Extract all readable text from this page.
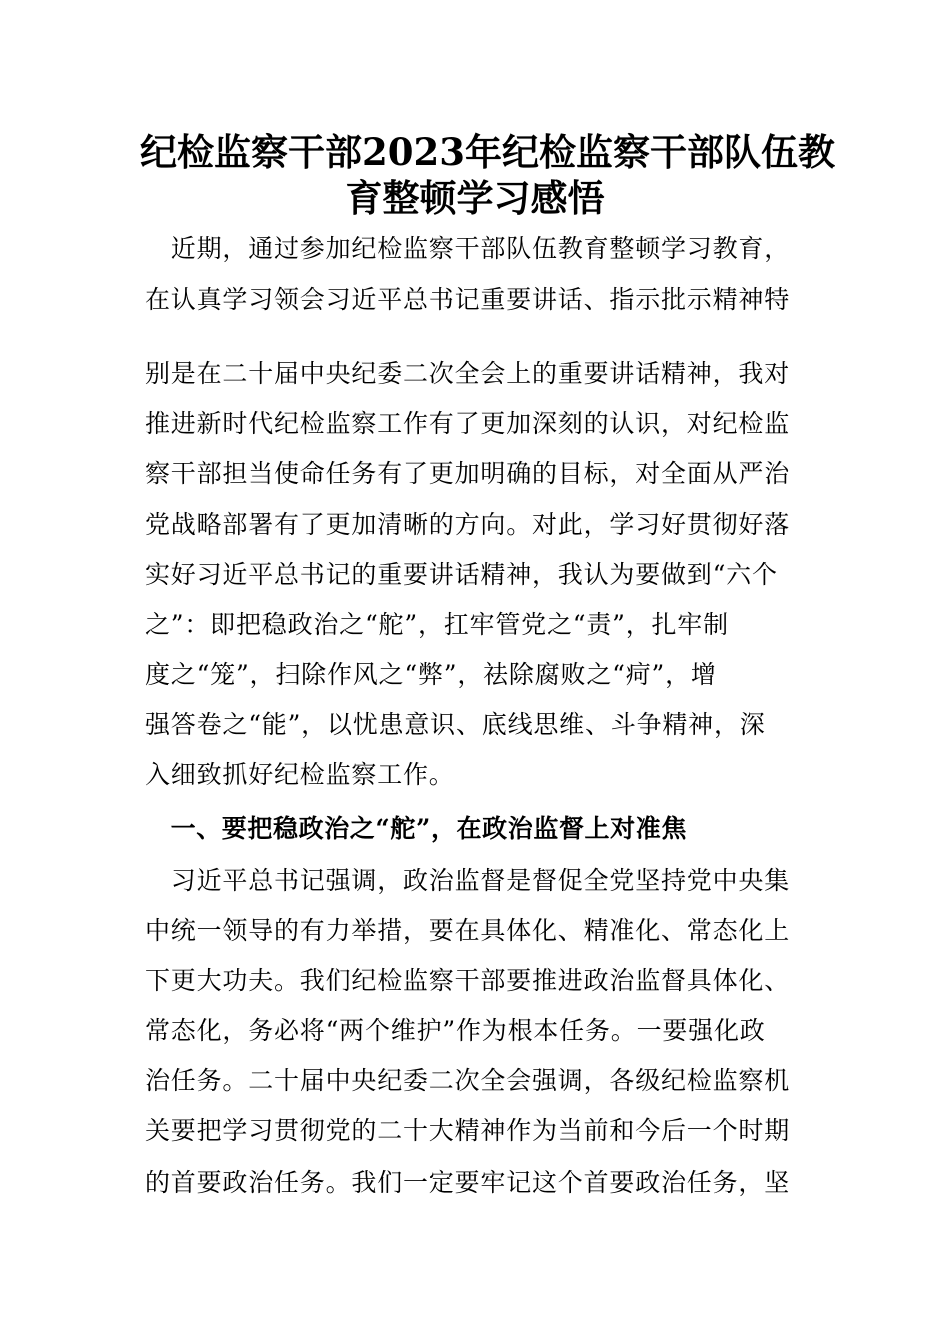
纪检监察干部2023年纪检监察干部队伍教
育整顿学习感悟

　近期，通过参加纪检监察干部队伍教育整顿学习教育，

在认真学习领会习近平总书记重要讲话、指示批示精神特

别是在二十届中央纪委二次全会上的重要讲话精神，我对

推进新时代纪检监察工作有了更加深刻的认识，对纪检监

察干部担当使命任务有了更加明确的目标，对全面从严治

党战略部署有了更加清晰的方向。对此，学习好贯彻好落

实好习近平总书记的重要讲话精神，我认为要做到“六个

之”：即把稳政治之“舵”，扛牢管党之“责”，扎牢制

度之“笼”，扫除作风之“弊”，祛除腐败之“疴”，增

强答卷之“能”，以忧患意识、底线思维、斗争精神，深

入细致抓好纪检监察工作。

　一、要把稳政治之“舵”，在政治监督上对准焦

　习近平总书记强调，政治监督是督促全党坚持党中央集

中统一领导的有力举措，要在具体化、精准化、常态化上

下更大功夫。我们纪检监察干部要推进政治监督具体化、

常态化，务必将“两个维护”作为根本任务。一要强化政

治任务。二十届中央纪委二次全会强调，各级纪检监察机

关要把学习贯彻党的二十大精神作为当前和今后一个时期

的首要政治任务。我们一定要牢记这个首要政治任务，坚
